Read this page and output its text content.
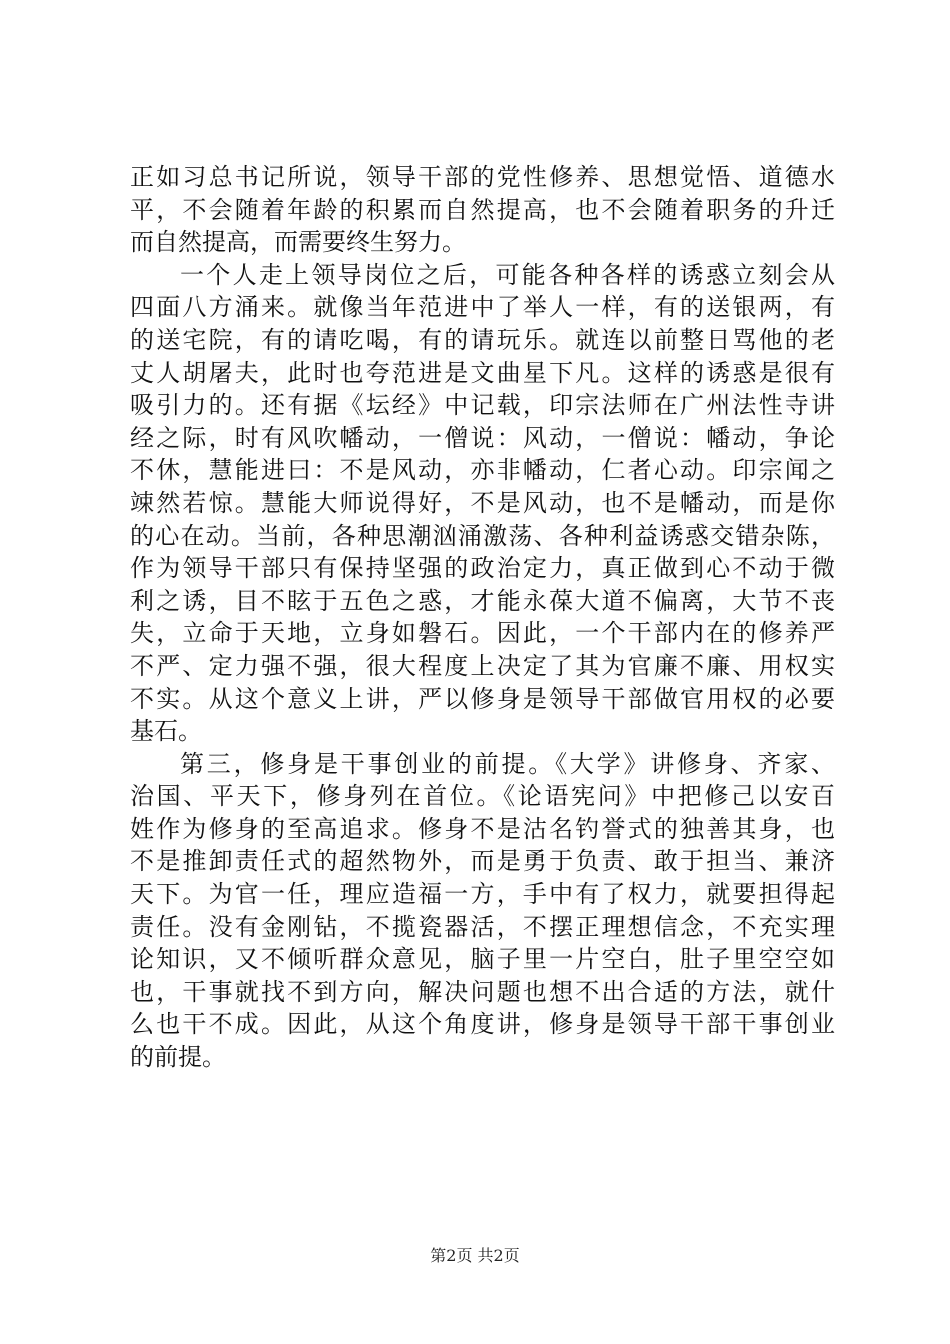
正如习总书记所说，领导干部的党性修养、思想觉悟、道德水
平，不会随着年龄的积累而自然提高，也不会随着职务的升迁
而自然提高，而需要终生努力。
一个人走上领导岗位之后，可能各种各样的诱惑立刻会从
四面八方涌来。就像当年范进中了举人一样，有的送银两，有
的送宅院，有的请吃喝，有的请玩乐。就连以前整日骂他的老
丈人胡屠夫，此时也夸范进是文曲星下凡。这样的诱惑是很有
吸引力的。还有据《坛经》中记载，印宗法师在广州法性寺讲
经之际，时有风吹幡动，一僧说：风动，一僧说：幡动，争论
不休，慧能进曰：不是风动，亦非幡动，仁者心动。印宗闻之
竦然若惊。慧能大师说得好，不是风动，也不是幡动，而是你
的心在动。当前，各种思潮汹涌激荡、各种利益诱惑交错杂陈，
作为领导干部只有保持坚强的政治定力，真正做到心不动于微
利之诱，目不眩于五色之惑，才能永葆大道不偏离，大节不丧
失，立命于天地，立身如磐石。因此，一个干部内在的修养严
不严、定力强不强，很大程度上决定了其为官廉不廉、用权实
不实。从这个意义上讲，严以修身是领导干部做官用权的必要
基石。
第三，修身是干事创业的前提。《大学》讲修身、齐家、
治国、平天下，修身列在首位。《论语宪问》中把修己以安百
姓作为修身的至高追求。修身不是沽名钓誉式的独善其身，也
不是推卸责任式的超然物外，而是勇于负责、敢于担当、兼济
天下。为官一任，理应造福一方，手中有了权力，就要担得起
责任。没有金刚钻，不揽瓷器活，不摆正理想信念，不充实理
论知识，又不倾听群众意见，脑子里一片空白，肚子里空空如
也，干事就找不到方向，解决问题也想不出合适的方法，就什
么也干不成。因此，从这个角度讲，修身是领导干部干事创业
的前提。
第2页 共2页
